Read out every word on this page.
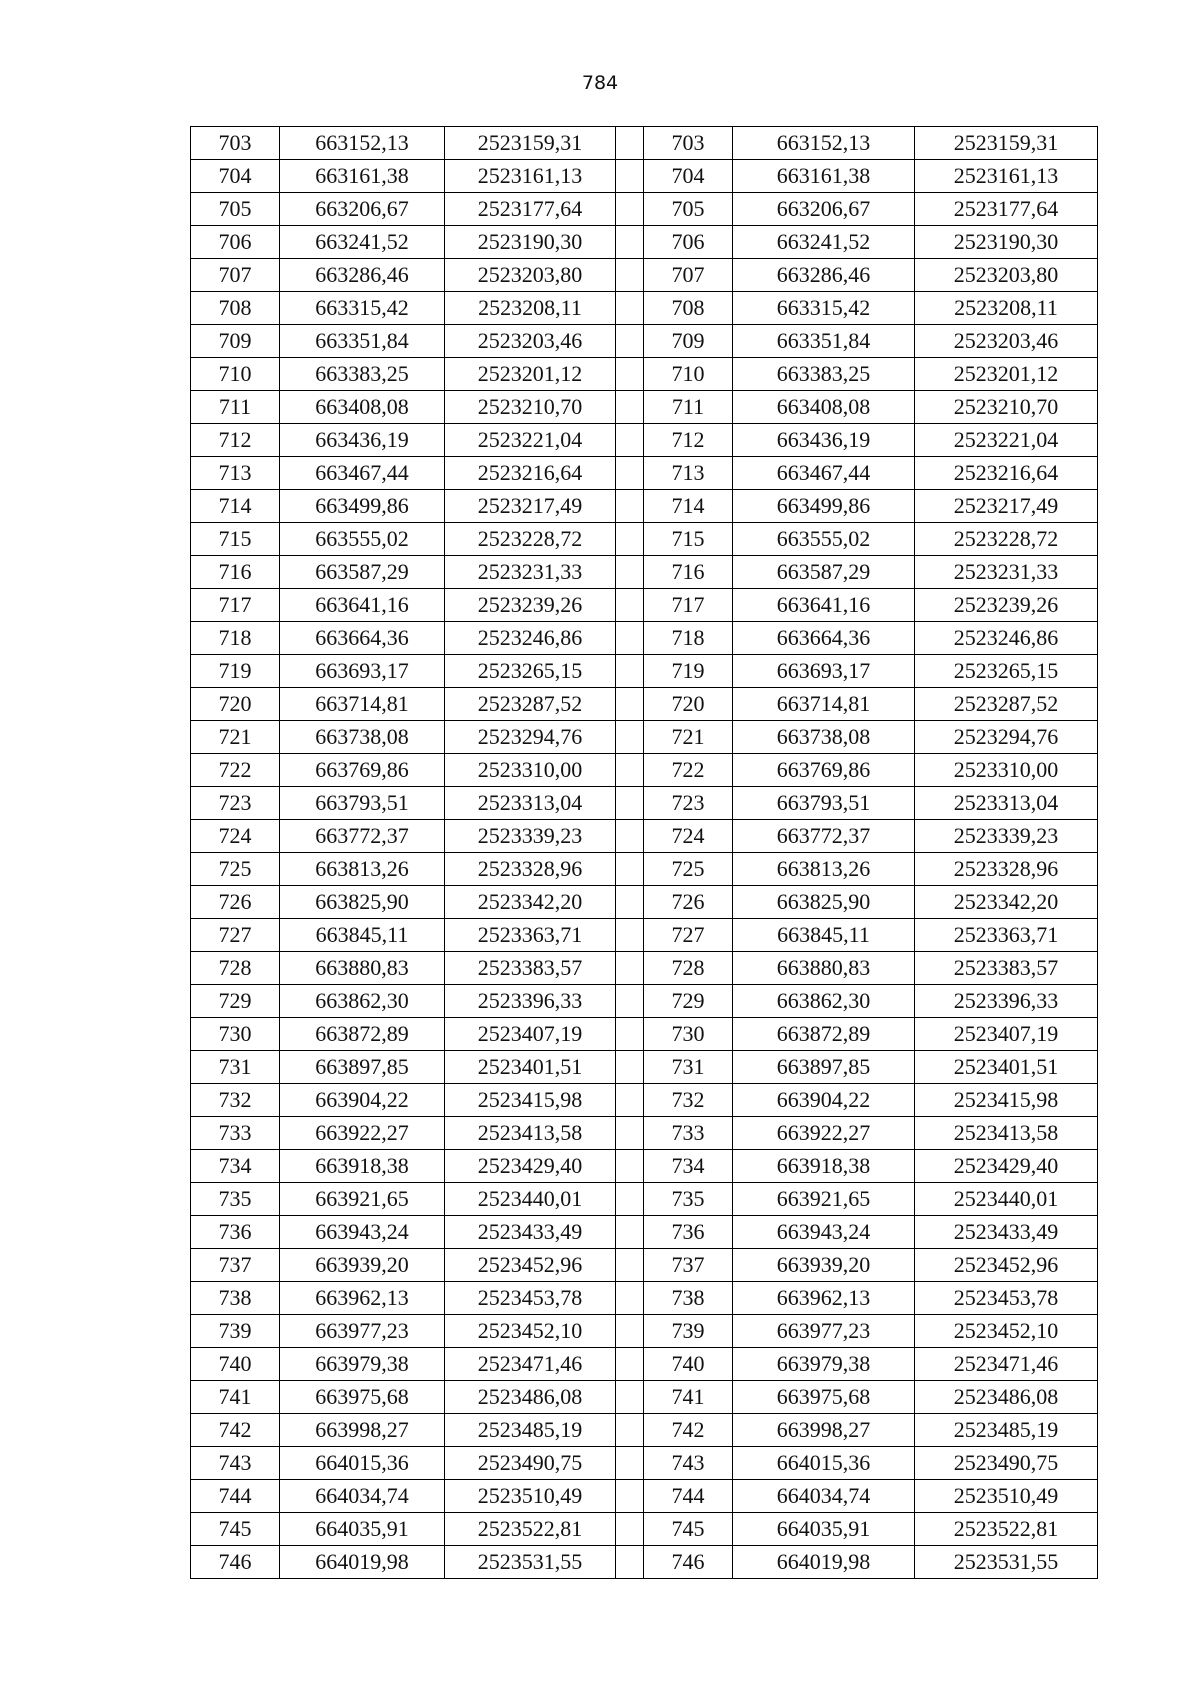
784
703	663152,13	2523159,31		703	663152,13	2523159,31
704	663161,38	2523161,13		704	663161,38	2523161,13
705	663206,67	2523177,64		705	663206,67	2523177,64
706	663241,52	2523190,30		706	663241,52	2523190,30
707	663286,46	2523203,80		707	663286,46	2523203,80
708	663315,42	2523208,11		708	663315,42	2523208,11
709	663351,84	2523203,46		709	663351,84	2523203,46
710	663383,25	2523201,12		710	663383,25	2523201,12
711	663408,08	2523210,70		711	663408,08	2523210,70
712	663436,19	2523221,04		712	663436,19	2523221,04
713	663467,44	2523216,64		713	663467,44	2523216,64
714	663499,86	2523217,49		714	663499,86	2523217,49
715	663555,02	2523228,72		715	663555,02	2523228,72
716	663587,29	2523231,33		716	663587,29	2523231,33
717	663641,16	2523239,26		717	663641,16	2523239,26
718	663664,36	2523246,86		718	663664,36	2523246,86
719	663693,17	2523265,15		719	663693,17	2523265,15
720	663714,81	2523287,52		720	663714,81	2523287,52
721	663738,08	2523294,76		721	663738,08	2523294,76
722	663769,86	2523310,00		722	663769,86	2523310,00
723	663793,51	2523313,04		723	663793,51	2523313,04
724	663772,37	2523339,23		724	663772,37	2523339,23
725	663813,26	2523328,96		725	663813,26	2523328,96
726	663825,90	2523342,20		726	663825,90	2523342,20
727	663845,11	2523363,71		727	663845,11	2523363,71
728	663880,83	2523383,57		728	663880,83	2523383,57
729	663862,30	2523396,33		729	663862,30	2523396,33
730	663872,89	2523407,19		730	663872,89	2523407,19
731	663897,85	2523401,51		731	663897,85	2523401,51
732	663904,22	2523415,98		732	663904,22	2523415,98
733	663922,27	2523413,58		733	663922,27	2523413,58
734	663918,38	2523429,40		734	663918,38	2523429,40
735	663921,65	2523440,01		735	663921,65	2523440,01
736	663943,24	2523433,49		736	663943,24	2523433,49
737	663939,20	2523452,96		737	663939,20	2523452,96
738	663962,13	2523453,78		738	663962,13	2523453,78
739	663977,23	2523452,10		739	663977,23	2523452,10
740	663979,38	2523471,46		740	663979,38	2523471,46
741	663975,68	2523486,08		741	663975,68	2523486,08
742	663998,27	2523485,19		742	663998,27	2523485,19
743	664015,36	2523490,75		743	664015,36	2523490,75
744	664034,74	2523510,49		744	664034,74	2523510,49
745	664035,91	2523522,81		745	664035,91	2523522,81
746	664019,98	2523531,55		746	664019,98	2523531,55
